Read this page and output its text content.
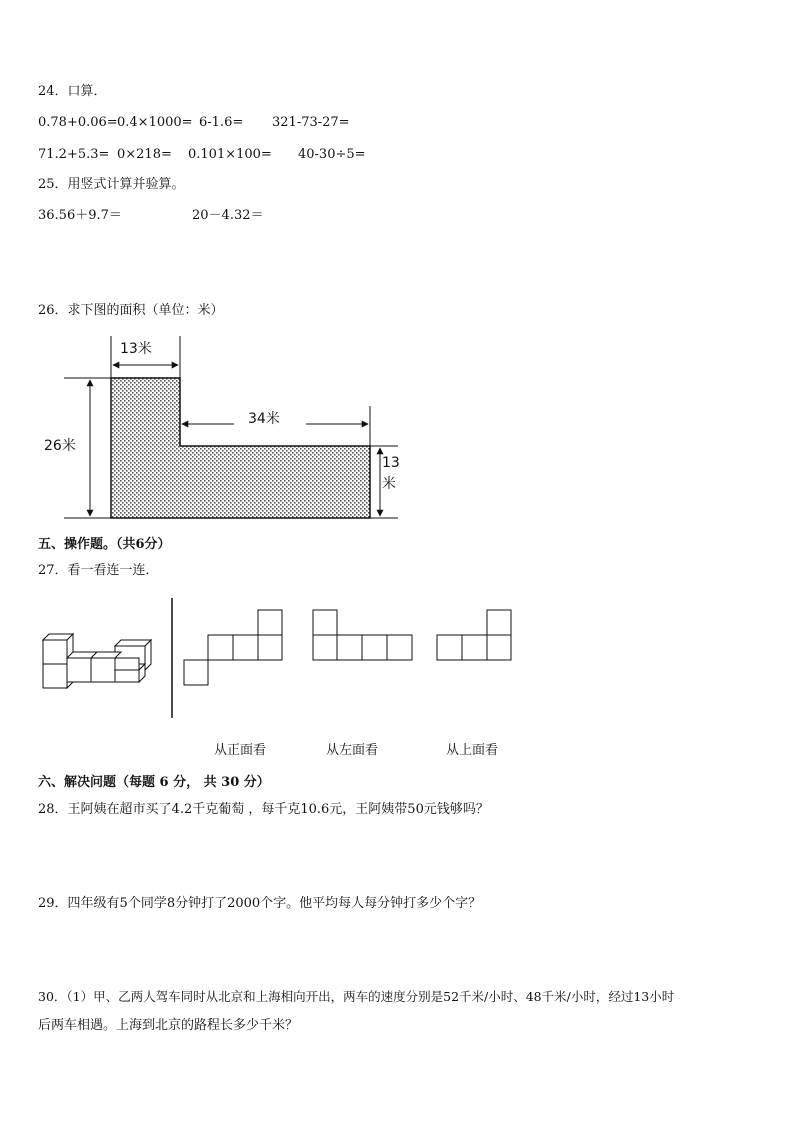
24．口算．
0.78+0.06= 0.4×1000= 6-1.6= 321-73-27=
71.2+5.3= 0×218= 0.101×100= 40-30÷5=
25．用竖式计算并验算。
36.56＋9.7＝	20－4.32＝
26．求下图的面积（单位：米）
13米
34米
26米
13
米
五、操作题。（共6分）
27．看一看连一连．
从正面看	从左面看	从上面看
六、解决问题（每题 6 分， 共 30 分）
28．王阿姨在超市买了4.2千克葡萄 ，每千克10.6元，王阿姨带50元钱够吗？
29．四年级有5个同学8分钟打了2000个字。他平均每人每分钟打多少个字？
30．（1）甲、乙两人驾车同时从北京和上海相向开出，两车的速度分别是52千米/小时、48千米/小时，经过13小时
后两车相遇。上海到北京的路程长多少千米？
